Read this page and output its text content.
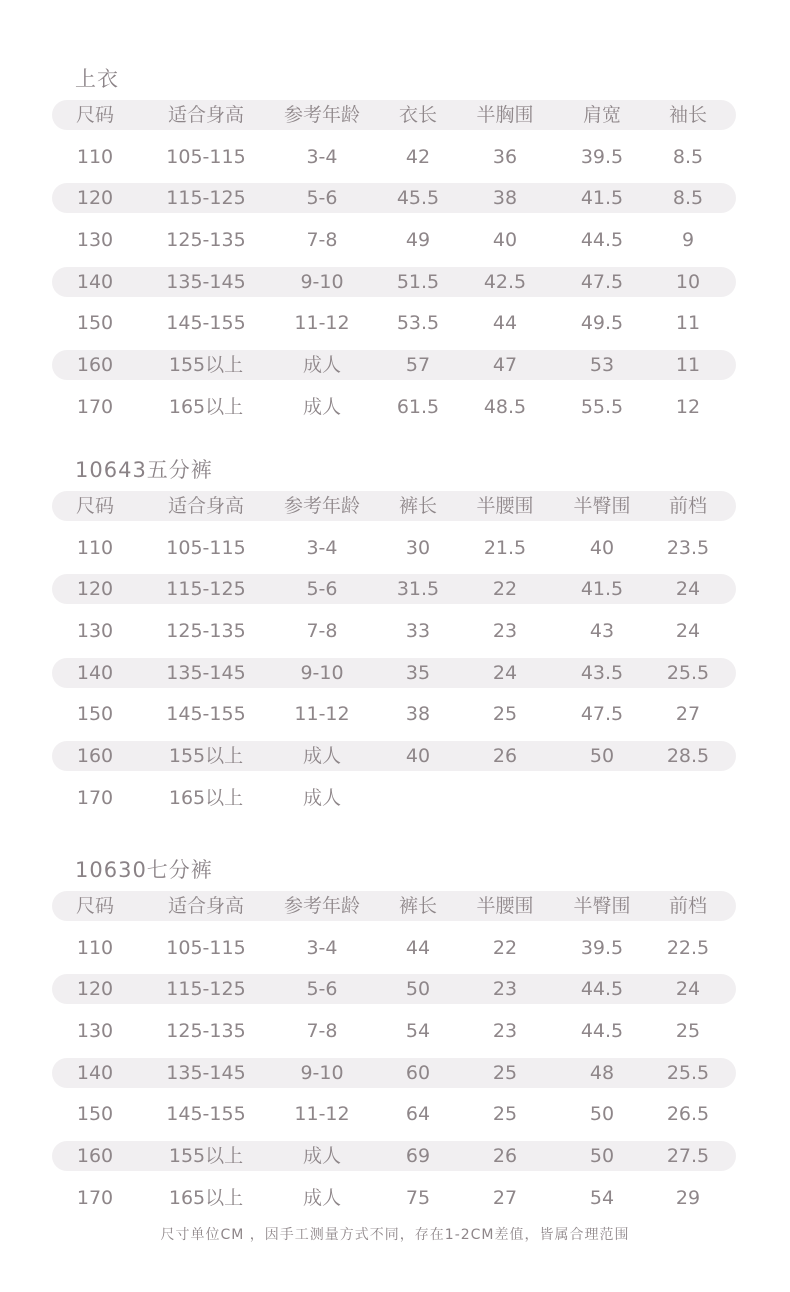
上衣
尺码	适合身高	参考年龄	衣长	半胸围	肩宽	袖长
110	105-115	3-4	42	36	39.5	8.5
120	115-125	5-6	45.5	38	41.5	8.5
130	125-135	7-8	49	40	44.5	9
140	135-145	9-10	51.5	42.5	47.5	10
150	145-155	11-12	53.5	44	49.5	11
160	155以上	成人	57	47	53	11
170	165以上	成人	61.5	48.5	55.5	12
10643五分裤
尺码	适合身高	参考年龄	裤长	半腰围	半臀围	前档
110	105-115	3-4	30	21.5	40	23.5
120	115-125	5-6	31.5	22	41.5	24
130	125-135	7-8	33	23	43	24
140	135-145	9-10	35	24	43.5	25.5
150	145-155	11-12	38	25	47.5	27
160	155以上	成人	40	26	50	28.5
170	165以上	成人
10630七分裤
尺码	适合身高	参考年龄	裤长	半腰围	半臀围	前档
110	105-115	3-4	44	22	39.5	22.5
120	115-125	5-6	50	23	44.5	24
130	125-135	7-8	54	23	44.5	25
140	135-145	9-10	60	25	48	25.5
150	145-155	11-12	64	25	50	26.5
160	155以上	成人	69	26	50	27.5
170	165以上	成人	75	27	54	29
尺寸单位CM ，因手工测量方式不同，存在1-2CM差值，皆属合理范围
